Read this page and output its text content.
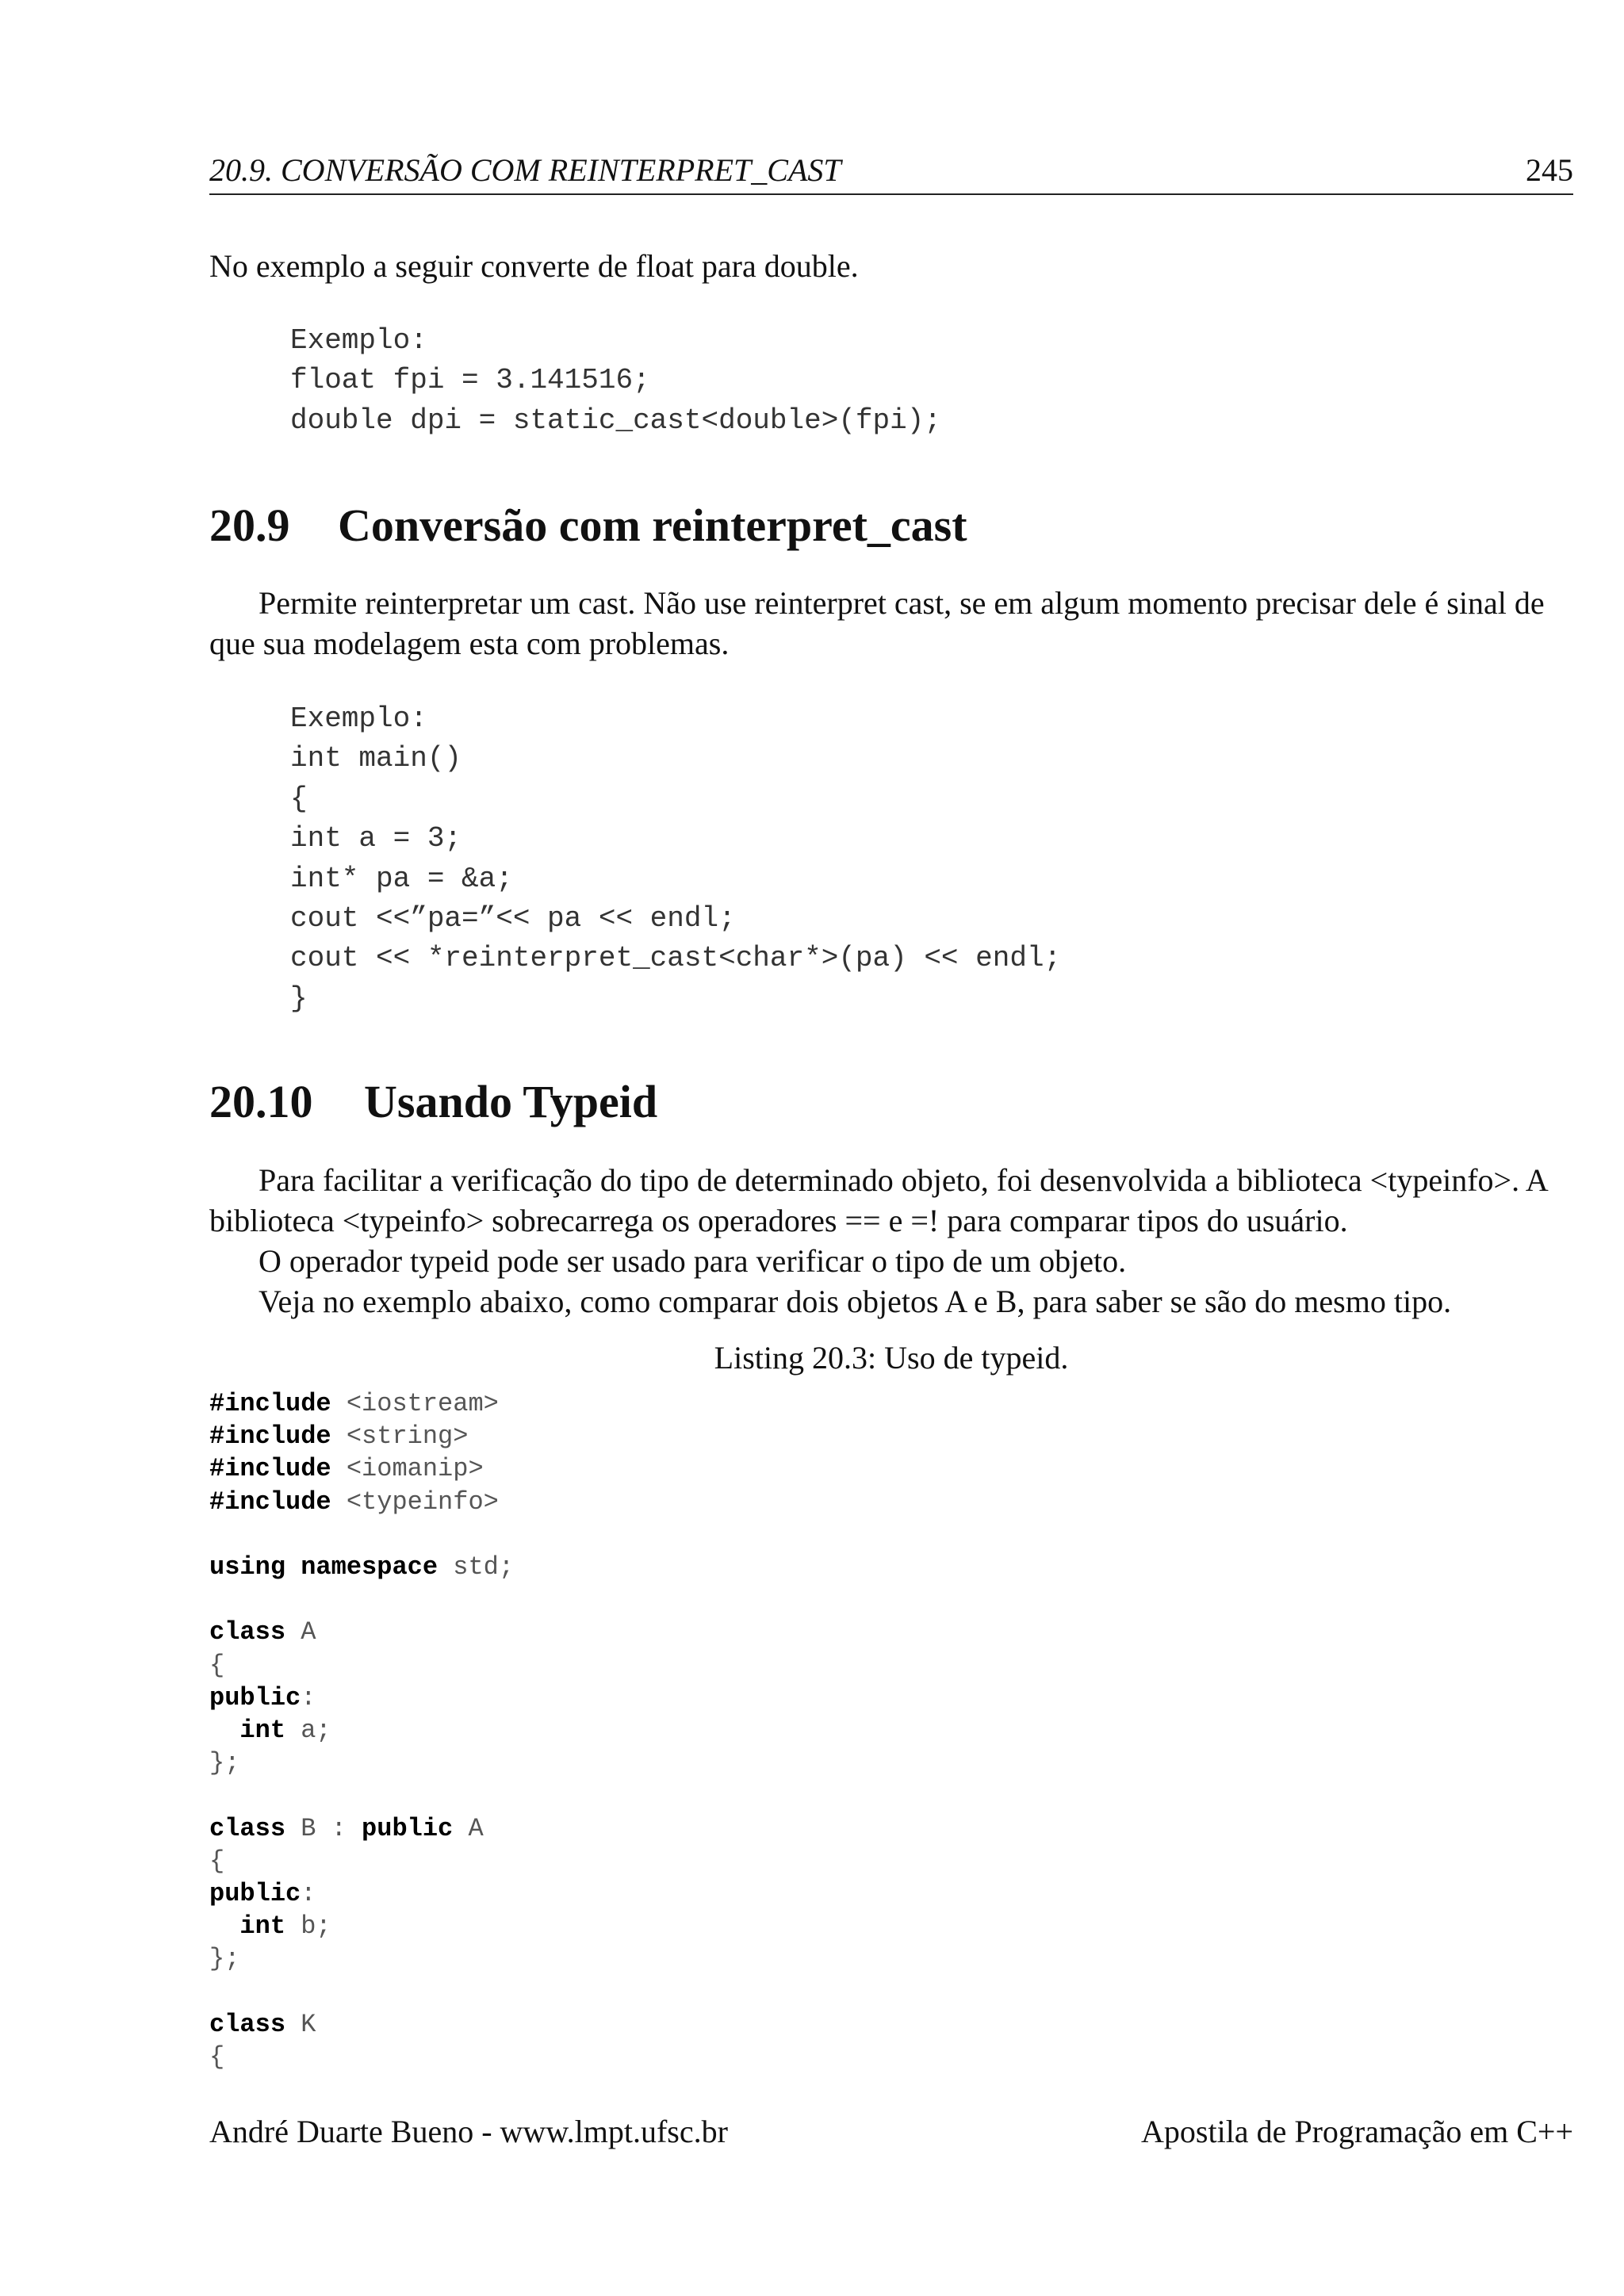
20.9. CONVERSÃO COM REINTERPRET_CAST	245

No exemplo a seguir converte de float para double.

Exemplo:
float fpi = 3.141516;
double dpi = static_cast<double>(fpi);

20.9 Conversão com reinterpret_cast

Permite reinterpretar um cast. Não use reinterpret cast, se em algum momento precisar dele é sinal de que sua modelagem esta com problemas.

Exemplo:
int main()
{
int a = 3;
int* pa = &a;
cout <<”pa=”<< pa << endl;
cout << *reinterpret_cast<char*>(pa) << endl;
}

20.10 Usando Typeid

Para facilitar a verificação do tipo de determinado objeto, foi desenvolvida a biblioteca <typeinfo>. A biblioteca <typeinfo> sobrecarrega os operadores == e =! para comparar tipos do usuário.

O operador typeid pode ser usado para verificar o tipo de um objeto.

Veja no exemplo abaixo, como comparar dois objetos A e B, para saber se são do mesmo tipo.

Listing 20.3: Uso de typeid.

#include <iostream>
#include <string>
#include <iomanip>
#include <typeinfo>

using namespace std;

class A
{
public:
int a;
};

class B : public A
{
public:
int b;
};

class K
{

André Duarte Bueno - www.lmpt.ufsc.br	Apostila de Programação em C++
